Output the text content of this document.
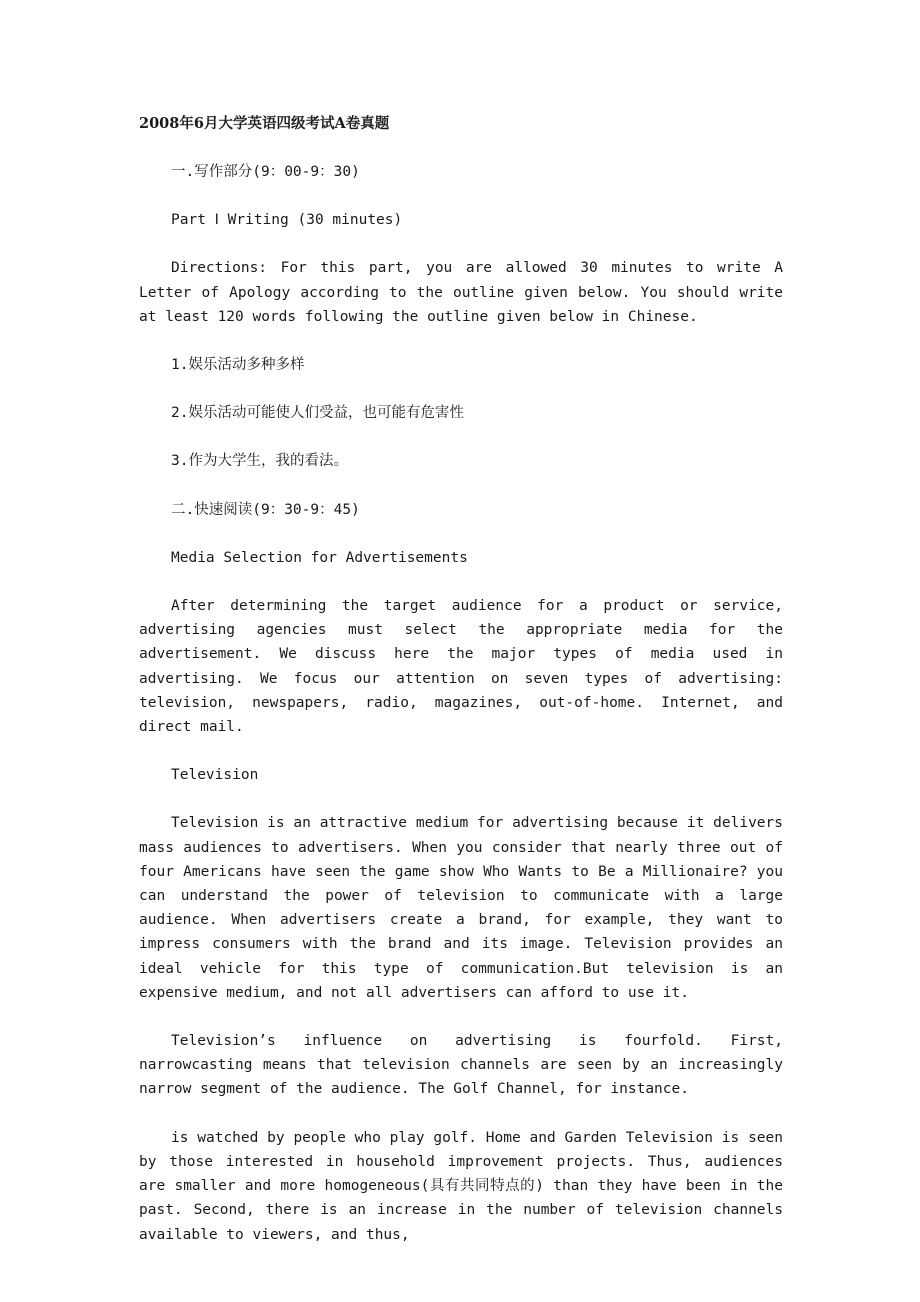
2008年6月大学英语四级考试A卷真题

一.写作部分(9：00-9：30)

Part Ⅰ Writing (30 minutes)

Directions: For this part, you are allowed 30 minutes to write A Letter of Apology according to the outline given below. You should write at least 120 words following the outline given below in Chinese.

1.娱乐活动多种多样

2.娱乐活动可能使人们受益，也可能有危害性

3.作为大学生，我的看法。

二.快速阅读(9：30-9：45)

Media Selection for Advertisements

After determining the target audience for a product or service, advertising agencies must select the appropriate media for the advertisement. We discuss here the major types of media used in advertising. We focus our attention on seven types of advertising: television, newspapers, radio, magazines, out-of-home. Internet, and direct mail.

Television

Television is an attractive medium for advertising because it delivers mass audiences to advertisers. When you consider that nearly three out of four Americans have seen the game show Who Wants to Be a Millionaire? you can understand the power of television to communicate with a large audience. When advertisers create a brand, for example, they want to impress consumers with the brand and its image. Television provides an ideal vehicle for this type of communication.But television is an expensive medium, and not all advertisers can afford to use it.

Television’s influence on advertising is fourfold. First, narrowcasting means that television channels are seen by an increasingly narrow segment of the audience. The Golf Channel, for instance.

is watched by people who play golf. Home and Garden Television is seen by those interested in household improvement projects. Thus, audiences are smaller and more homogeneous(具有共同特点的) than they have been in the past. Second, there is an increase in the number of television channels available to viewers, and thus,
